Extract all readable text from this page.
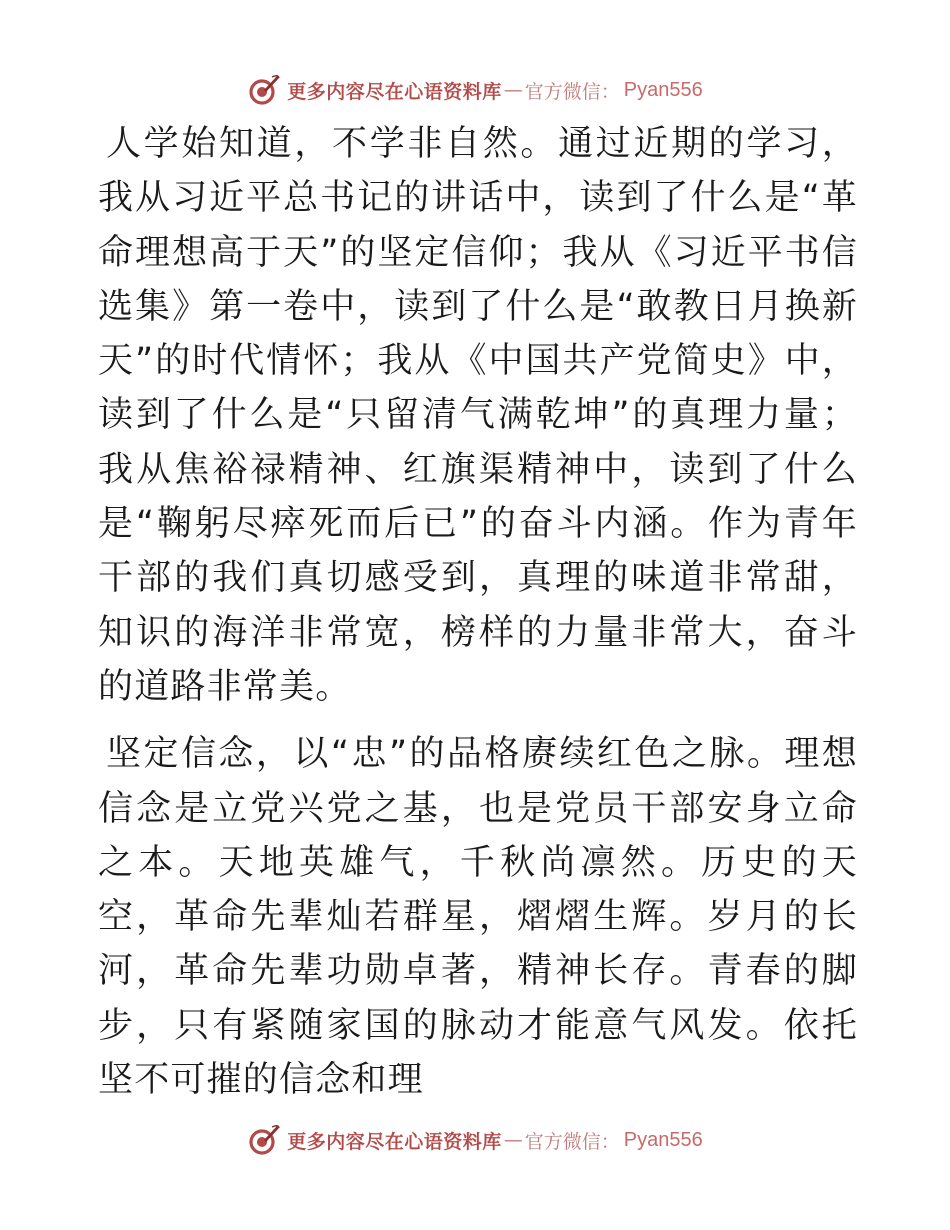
更多内容尽在心语资料库 — 官方微信： Pyan556

人学始知道，不学非自然。通过近期的学习，我从习近平总书记的讲话中，读到了什么是“革命理想高于天”的坚定信仰；我从《习近平书信选集》第一卷中，读到了什么是“敢教日月换新天”的时代情怀；我从《中国共产党简史》中，读到了什么是“只留清气满乾坤”的真理力量；我从焦裕禄精神、红旗渠精神中，读到了什么是“鞠躬尽瘁死而后已”的奋斗内涵。作为青年干部的我们真切感受到，真理的味道非常甜，知识的海洋非常宽，榜样的力量非常大，奋斗的道路非常美。

坚定信念，以“忠”的品格赓续红色之脉。理想信念是立党兴党之基，也是党员干部安身立命之本。天地英雄气，千秋尚凛然。历史的天空，革命先辈灿若群星，熠熠生辉。岁月的长河，革命先辈功勋卓著，精神长存。青春的脚步，只有紧随家国的脉动才能意气风发。依托坚不可摧的信念和理

更多内容尽在心语资料库 — 官方微信： Pyan556
